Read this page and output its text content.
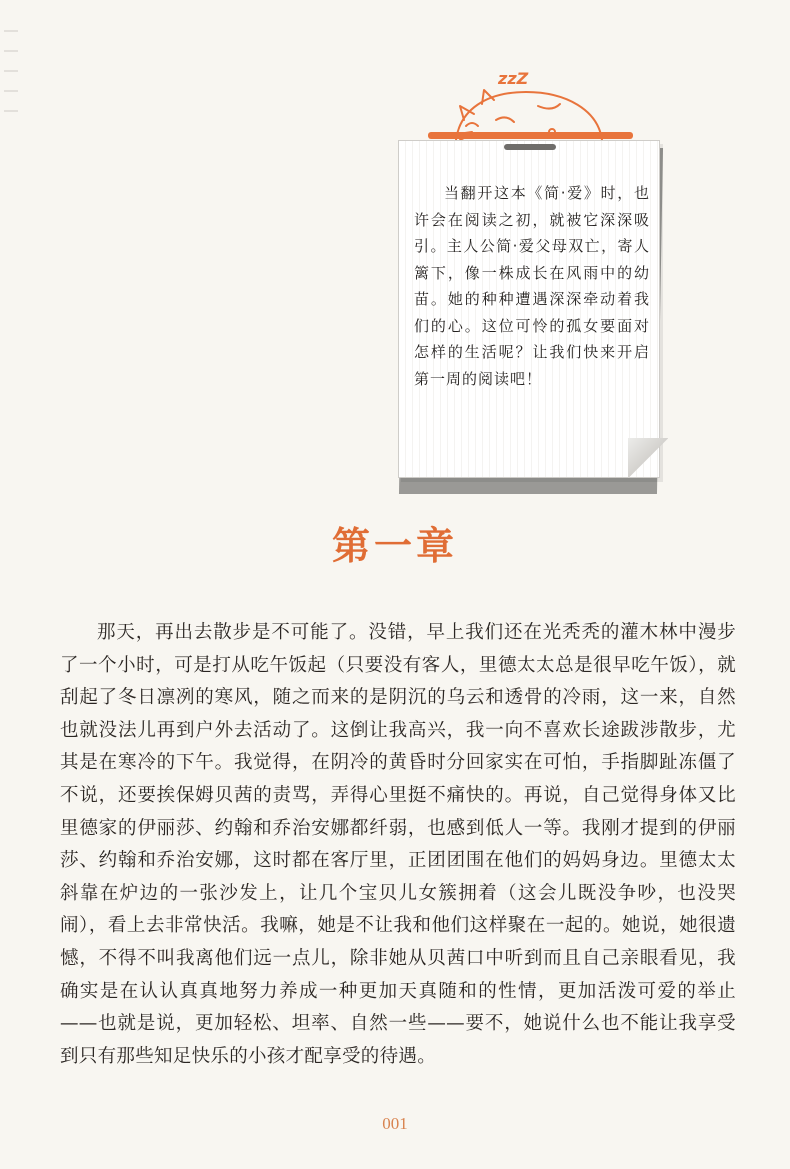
zzZ
当翻开这本《简·爱》时，也许会在阅读之初，就被它深深吸引。主人公简·爱父母双亡，寄人篱下，像一株成长在风雨中的幼苗。她的种种遭遇深深牵动着我们的心。这位可怜的孤女要面对怎样的生活呢？让我们快来开启第一周的阅读吧！
第一章

那天，再出去散步是不可能了。没错，早上我们还在光秃秃的灌木林中漫步了一个小时，可是打从吃午饭起（只要没有客人，里德太太总是很早吃午饭），就刮起了冬日凛冽的寒风，随之而来的是阴沉的乌云和透骨的冷雨，这一来，自然也就没法儿再到户外去活动了。这倒让我高兴，我一向不喜欢长途跋涉散步，尤其是在寒冷的下午。我觉得，在阴冷的黄昏时分回家实在可怕，手指脚趾冻僵了不说，还要挨保姆贝茜的责骂，弄得心里挺不痛快的。再说，自己觉得身体又比里德家的伊丽莎、约翰和乔治安娜都纤弱，也感到低人一等。我刚才提到的伊丽莎、约翰和乔治安娜，这时都在客厅里，正团团围在他们的妈妈身边。里德太太斜靠在炉边的一张沙发上，让几个宝贝儿女簇拥着（这会儿既没争吵，也没哭闹），看上去非常快活。我嘛，她是不让我和他们这样聚在一起的。她说，她很遗憾，不得不叫我离他们远一点儿，除非她从贝茜口中听到而且自己亲眼看见，我确实是在认认真真地努力养成一种更加天真随和的性情，更加活泼可爱的举止——也就是说，更加轻松、坦率、自然一些——要不，她说什么也不能让我享受到只有那些知足快乐的小孩才配享受的待遇。

001
